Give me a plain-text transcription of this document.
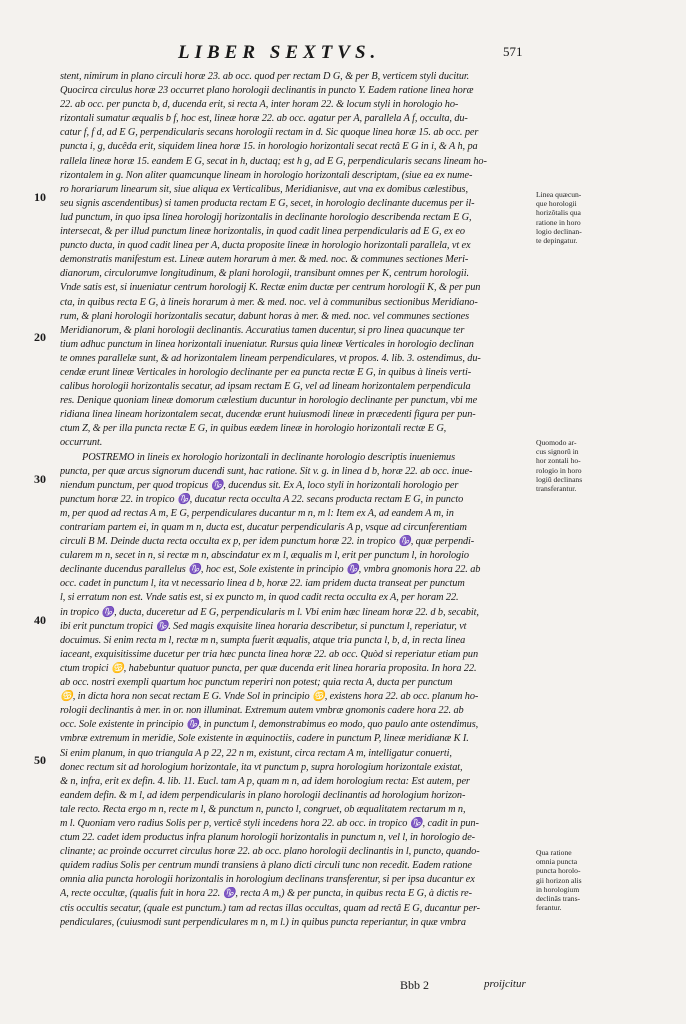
LIBER SEXTVS.	571
10
20
30
40
50
stent, nimirum in plano circuli horæ 23. ab occ. quod per rectam D G, & per B, verticem styli ducitur.
Quocirca circulus horæ 23 occurret plano horologii declinantis in puncto Y. Eadem ratione linea horæ
22. ab occ. per puncta b, d, ducenda erit, si recta A, inter horam 22. & locum styli in horologio ho-
rizontali sumatur æqualis b f, hoc est, lineæ horæ 22. ab occ. agatur per A, parallela A f, occulta, du-
catur f, f d, ad E G, perpendicularis secans horologii rectam in d. Sic quoque linea horæ 15. ab occ. per
puncta i, g, ducêda erit, siquidem linea horæ 15. in horologio horizontali secat rectâ E G in i, & A h, pa
rallela lineæ horæ 15. eandem E G, secat in h, ductaq; est h g, ad E G, perpendicularis secans lineam ho-
rizontalem in g. Non aliter quamcunque lineam in horologio horizontali descriptam, (siue ea ex nume-
ro horariarum linearum sit, siue aliqua ex Verticalibus, Meridianisve, aut vna ex domibus cælestibus,
seu signis ascendentibus) si tamen producta rectam E G, secet, in horologio declinante ducemus per il-
lud punctum, in quo ipsa linea horologij horizontalis in declinante horologio describenda rectam E G,
intersecat, & per illud punctum lineæ horizontalis, in quod cadit linea perpendicularis ad E G, ex eo
puncto ducta, in quod cadit linea per A, ducta proposite lineæ in horologio horizontali parallela, vt ex
demonstratis manifestum est. Lineæ autem horarum à mer. & med. noc. & communes sectiones Meri-
dianorum, circulorumve longitudinum, & plani horologii, transibunt omnes per K, centrum horologii.
Vnde satis est, si inueniatur centrum horologij K. Rectæ enim ductæ per centrum horologii K, & per pun
cta, in quibus recta E G, à lineis horarum à mer. & med. noc. vel à communibus sectionibus Meridiano-
rum, & plani horologii horizontalis secatur, dabunt horas à mer. & med. noc. vel communes sectiones
Meridianorum, & plani horologii declinantis. Accuratius tamen ducentur, si pro linea quacunque ter
tium adhuc punctum in linea horizontali inueniatur. Rursus quia lineæ Verticales in horologio declinan
te omnes parallelæ sunt, & ad horizontalem lineam perpendiculares, vt propos. 4. lib. 3. ostendimus, du-
cendæ erunt lineæ Verticales in horologio declinante per ea puncta rectæ E G, in quibus à lineis verti-
calibus horologii horizontalis secatur, ad ipsam rectam E G, vel ad lineam horizontalem perpendicula
res. Denique quoniam lineæ domorum cælestium ducuntur in horologio declinante per punctum, vbi me
ridiana linea lineam horizontalem secat, ducendæ erunt huiusmodi lineæ in præcedenti figura per pun-
ctum Z, & per illa puncta rectæ E G, in quibus eædem lineæ in horologio horizontali rectæ E G,
occurrunt.
POSTREMO in lineis ex horologio horizontali in declinante horologio descriptis inueniemus
puncta, per quæ arcus signorum ducendi sunt, hac ratione. Sit v. g. in linea d b, horæ 22. ab occ. inue-
niendum punctum, per quod tropicus ♑, ducendus sit. Ex A, loco styli in horizontali horologio per
punctum horæ 22. in tropico ♑, ducatur recta occulta A 22. secans producta rectam E G, in puncto
m, per quod ad rectas A m, E G, perpendiculares ducantur m n, m l: Item ex A, ad eandem A m, in
contrariam partem ei, in quam m n, ducta est, ducatur perpendicularis A p, vsque ad circunferentiam
circuli B M. Deinde ducta recta occulta ex p, per idem punctum horæ 22. in tropico ♑, quæ perpendi-
cularem m n, secet in n, si rectæ m n, abscindatur ex m l, æqualis m l, erit per punctum l, in horologio
declinante ducendus parallelus ♑, hoc est, Sole existente in principio ♑, vmbra gnomonis hora 22. ab
occ. cadet in punctum l, ita vt necessario linea d b, horæ 22. iam pridem ducta transeat per punctum
l, si erratum non est. Vnde satis est, si ex puncto m, in quod cadit recta occulta ex A, per horam 22.
in tropico ♑, ducta, duceretur ad E G, perpendicularis m l. Vbi enim hæc lineam horæ 22. d b, secabit,
ibi erit punctum tropici ♑. Sed magis exquisite linea horaria describetur, si punctum l, reperiatur, vt
docuimus. Si enim recta m l, rectæ m n, sumpta fuerit æqualis, atque tria puncta l, b, d, in recta linea
iaceant, exquisitissime ducetur per tria hæc puncta linea horæ 22. ab occ. Quòd si reperiatur etiam pun
ctum tropici ♋, habebuntur quatuor puncta, per quæ ducenda erit linea horaria proposita. In hora 22.
ab occ. nostri exempli quartum hoc punctum reperiri non potest; quia recta A, ducta per punctum
♋, in dicta hora non secat rectam E G. Vnde Sol in principio ♋, existens hora 22. ab occ. planum ho-
rologii declinantis à mer. in or. non illuminat. Extremum autem vmbræ gnomonis cadere hora 22. ab
occ. Sole existente in principio ♑, in punctum l, demonstrabimus eo modo, quo paulo ante ostendimus,
vmbræ extremum in meridie, Sole existente in æquinoctiis, cadere in punctum P, lineæ meridianæ K I.
Si enim planum, in quo triangula A p 22, 22 n m, existunt, circa rectam A m, intelligatur conuerti,
donec rectum sit ad horologium horizontale, ita vt punctum p, supra horologium horizontale existat,
& n, infra, erit ex defin. 4. lib. 11. Eucl. tam A p, quam m n, ad idem horologium recta: Est autem, per
eandem defin. & m l, ad idem perpendicularis in plano horologii declinantis ad horologium horizon-
tale recto. Recta ergo m n, recte m l, & punctum n, puncto l, congruet, ob æqualitatem rectarum m n,
m l. Quoniam vero radius Solis per p, verticê styli incedens hora 22. ab occ. in tropico ♑, cadit in pun-
ctum 22. cadet idem productus infra planum horologii horizontalis in punctum n, vel l, in horologio de-
clinante; ac proinde occurret circulus horæ 22. ab occ. plano horologii declinantis in l, puncto, quando-
quidem radius Solis per centrum mundi transiens à plano dicti circuli tunc non recedit. Eadem ratione
omnia alia puncta horologii horizontalis in horologium declinans transferentur, si per ipsa ducantur ex
A, recte occultæ, (qualis fuit in hora 22. ♑, recta A m,) & per puncta, in quibus recta E G, à dictis re-
ctis occultis secatur, (quale est punctum.) tam ad rectas illas occultas, quam ad rectâ E G, ducantur per-
pendiculares, (cuiusmodi sunt perpendiculares m n, m l.) in quibus puncta reperiantur, in quæ vmbra
Linea quæcun-
que horologii
horizõtalis qua
ratione in horo
logio declinan-
te depingatur.
Quomodo ar-
cus signorũ in
hor zontali ho-
rologio in horo
logiũ declinans
transferantur.
Qua ratione
omnia puncta
puncta horolo-
gii horizon alis
in horologium
declinãs trans-
ferantur.
Bbb 2	proijcitur
